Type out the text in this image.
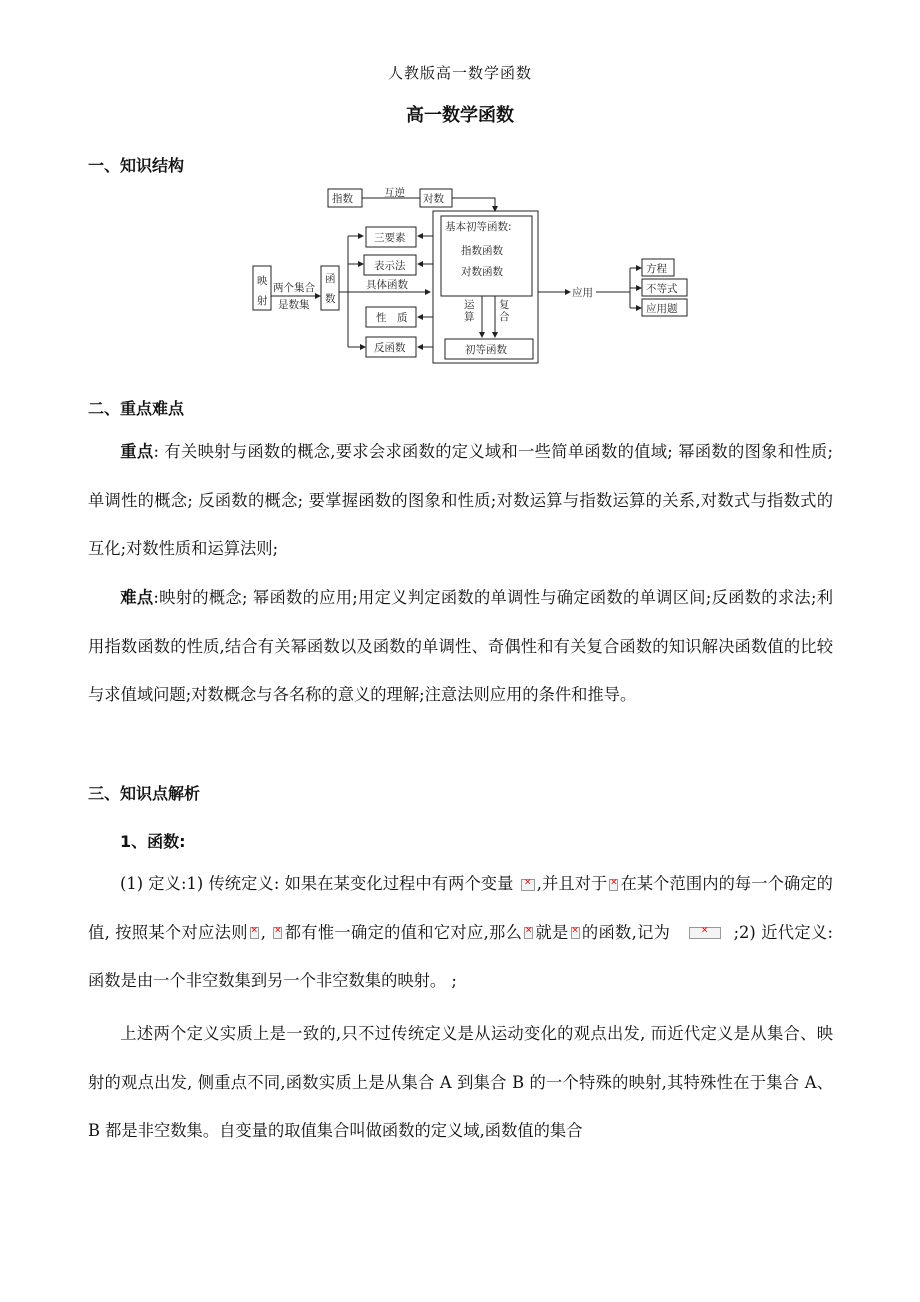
人教版高一数学函数
高一数学函数
一、知识结构
指数	互逆 对数
映
射
两个集合
是数集
函
数
三要素
表示法
具体函数
性　质
反函数
基本初等函数:
指数函数
对数函数
运
算
复
合
初等函数
应用
方程
不等式
应用题
二、重点难点
重点: 有关映射与函数的概念,要求会求函数的定义域和一些简单函数的值域; 幂函数的图象和性质; 单调性的概念; 反函数的概念; 要掌握函数的图象和性质;对数运算与指数运算的关系,对数式与指数式的互化;对数性质和运算法则;
难点:映射的概念; 幂函数的应用;用定义判定函数的单调性与确定函数的单调区间;反函数的求法;利用指数函数的性质,结合有关幂函数以及函数的单调性、奇偶性和有关复合函数的知识解决函数值的比较与求值域问题;对数概念与各名称的意义的理解;注意法则应用的条件和推导。
三、知识点解析
1、函数:
(1) 定义:1) 传统定义: 如果在某变化过程中有两个变量 × ,并且对于 × 在某个范围内的每一个确定的值, 按照某个对应法则 × , × 都有惟一确定的值和它对应,那么 × 就是 × 的函数,记为 ×	;2) 近代定义:函数是由一个非空数集到另一个非空数集的映射。 ;
上述两个定义实质上是一致的,只不过传统定义是从运动变化的观点出发, 而近代定义是从集合、映射的观点出发, 侧重点不同,函数实质上是从集合 A 到集合 B 的一个特殊的映射,其特殊性在于集合 A、B 都是非空数集。自变量的取值集合叫做函数的定义域,函数值的集合
